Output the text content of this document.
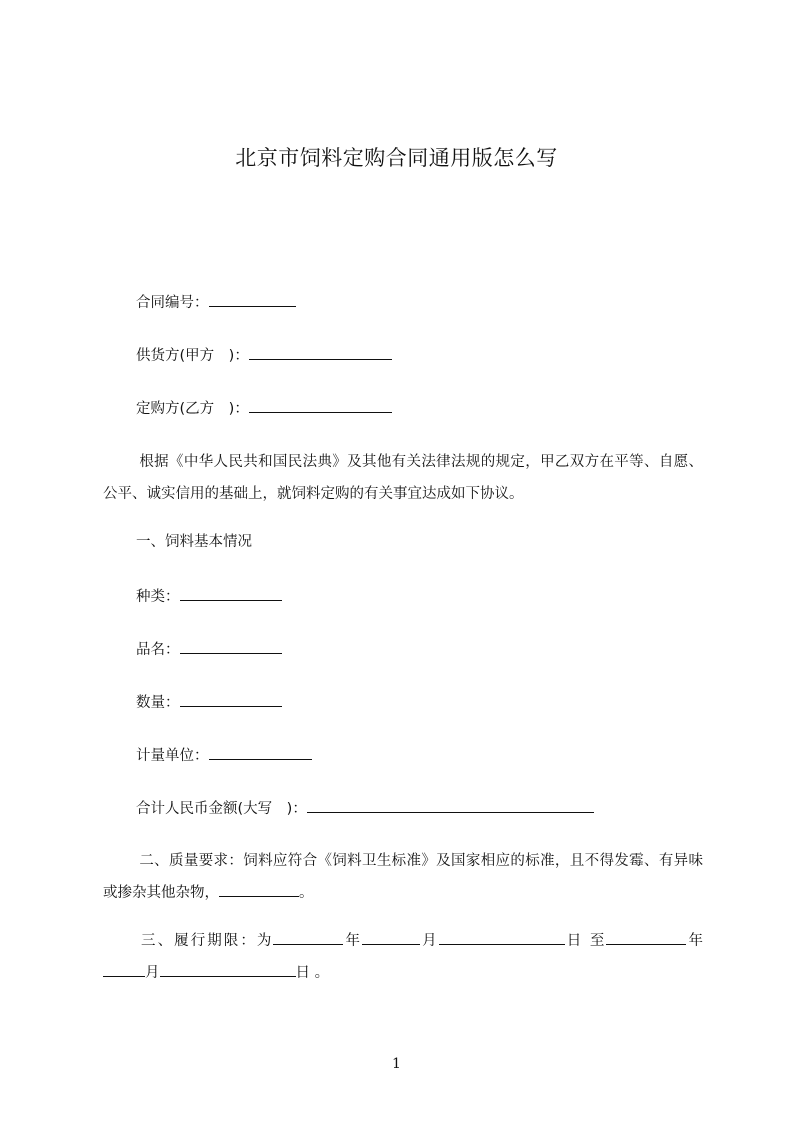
北京市饲料定购合同通用版怎么写
合同编号：
供货方(甲方　)：
定购方(乙方　)：
根据《中华人民共和国民法典》及其他有关法律法规的规定，甲乙双方在平等、自愿、公平、诚实信用的基础上，就饲料定购的有关事宜达成如下协议。
一、饲料基本情况
种类：
品名：
数量：
计量单位：
合计人民币金额(大写　)：
二、质量要求：饲料应符合《饲料卫生标准》及国家相应的标准，且不得发霉、有异味或掺杂其他杂物，	。
三、履行期限：为	年	月	日 至	年月	日 。
1
